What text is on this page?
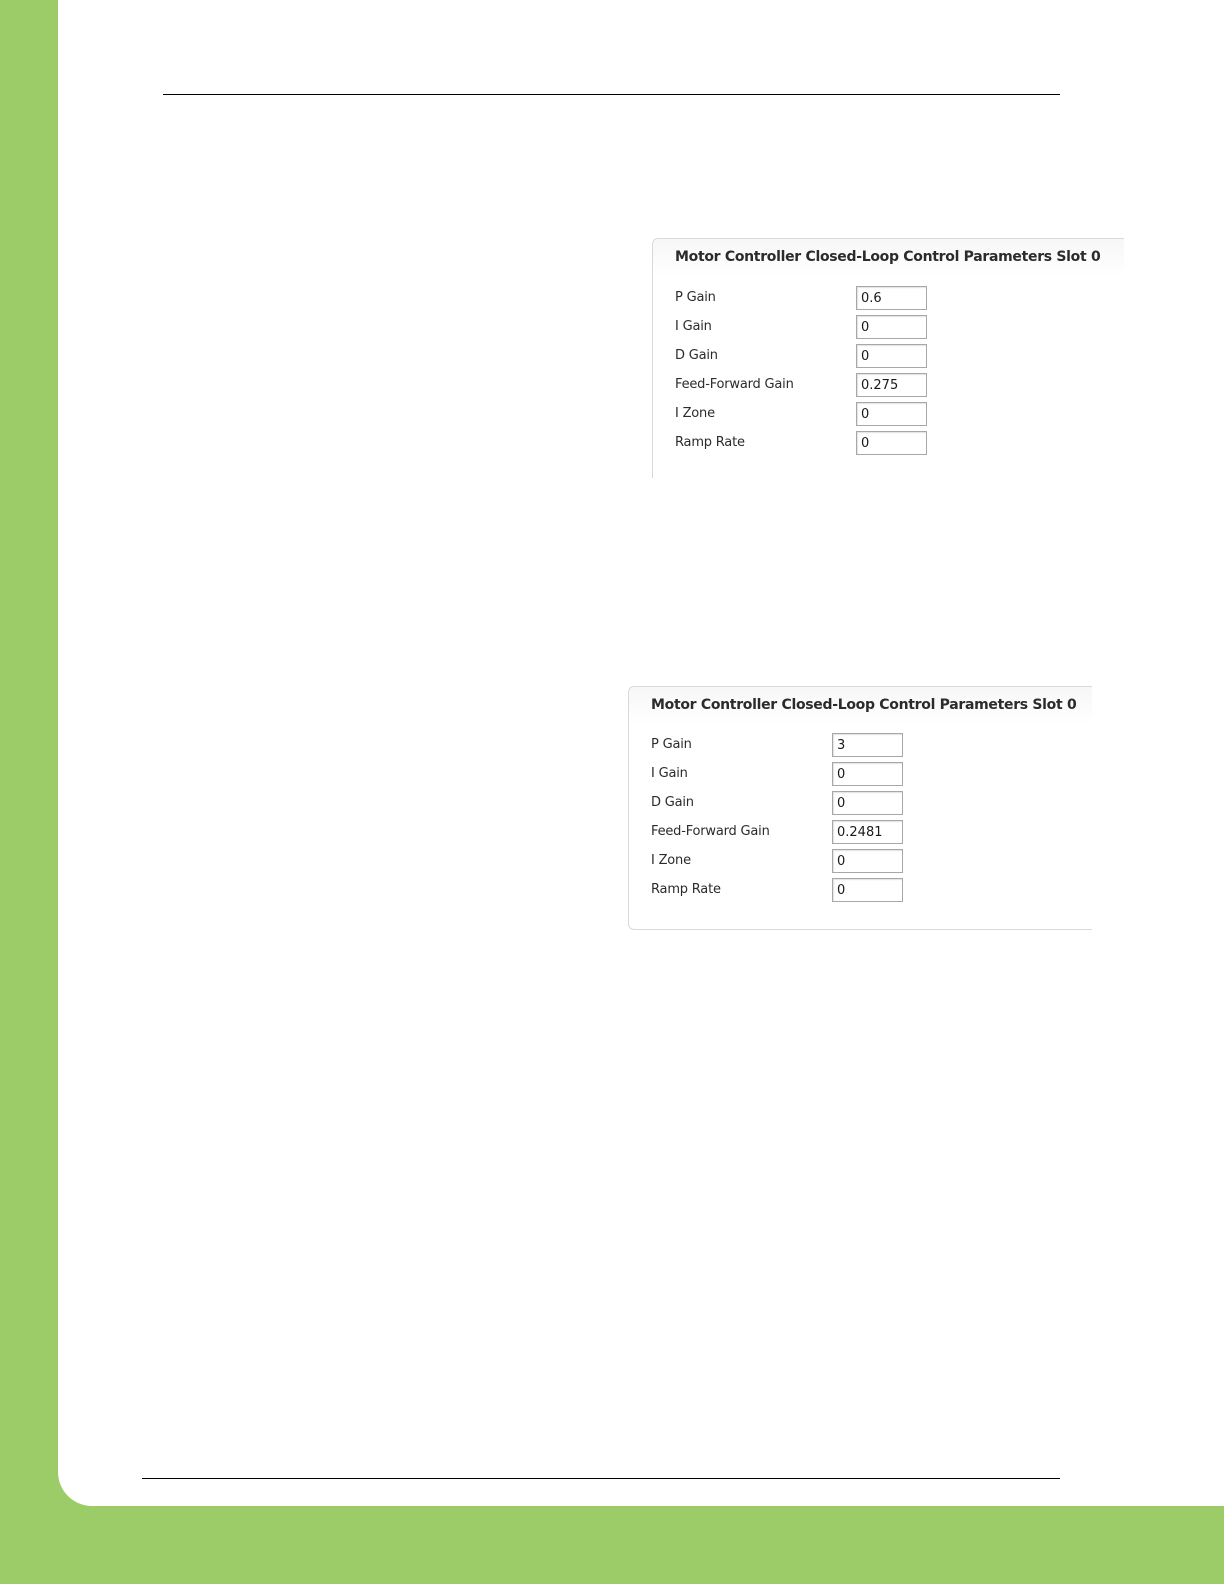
Motor Controller Closed-Loop Control Parameters Slot 0
P Gain
0.6
I Gain
0
D Gain
0
Feed-Forward Gain
0.275
I Zone
0
Ramp Rate
0
Motor Controller Closed-Loop Control Parameters Slot 0
P Gain
3
I Gain
0
D Gain
0
Feed-Forward Gain
0.2481
I Zone
0
Ramp Rate
0
